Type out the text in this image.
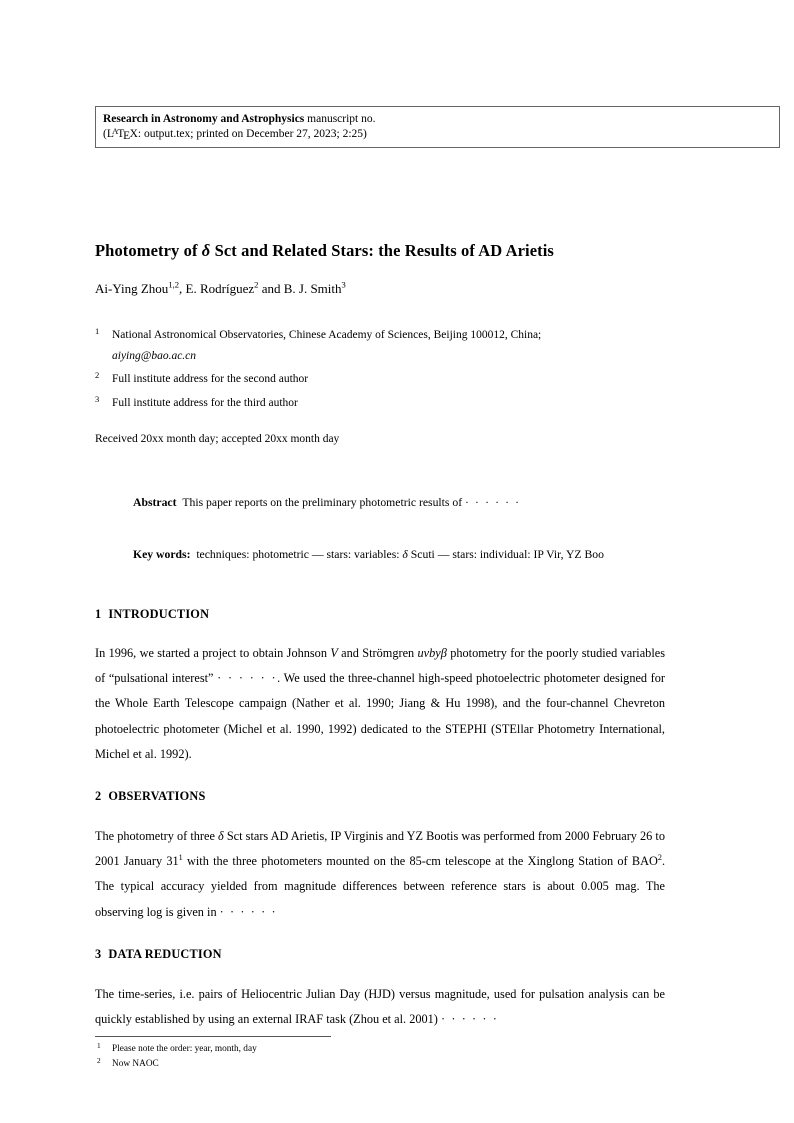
Research in Astronomy and Astrophysics manuscript no.
($L^ATEX$: output.tex; printed on December 27, 2023; 2:25)
Photometry of δ Sct and Related Stars: the Results of AD Arietis
Ai-Ying Zhou$^{1,2}$, E. Rodríguez$^2$ and B. J. Smith$^3$
1 National Astronomical Observatories, Chinese Academy of Sciences, Beijing 100012, China;
aiying@bao.ac.cn
2 Full institute address for the second author
3 Full institute address for the third author
Received 20xx month day; accepted 20xx month day
Abstract This paper reports on the preliminary photometric results of · · · · · ·
Key words: techniques: photometric — stars: variables: δ Scuti — stars: individual: IP Vir, YZ Boo
1 INTRODUCTION
In 1996, we started a project to obtain Johnson V and Strömgren uvbyβ photometry for the poorly studied variables of “pulsational interest” · · · · · ·. We used the three-channel high-speed photoelectric photometer designed for the Whole Earth Telescope campaign (Nather et al. 1990; Jiang & Hu 1998), and the four-channel Chevreton photoelectric photometer (Michel et al. 1990, 1992) dedicated to the STEPHI (STEllar Photometry International, Michel et al. 1992).
2 OBSERVATIONS
The photometry of three δ Sct stars AD Arietis, IP Virginis and YZ Bootis was performed from 2000 February 26 to 2001 January 31$^1$ with the three photometers mounted on the 85-cm telescope at the Xinglong Station of BAO$^2$. The typical accuracy yielded from magnitude differences between reference stars is about 0.005 mag. The observing log is given in · · · · · ·
3 DATA REDUCTION
The time-series, i.e. pairs of Heliocentric Julian Day (HJD) versus magnitude, used for pulsation analysis can be quickly established by using an external IRAF task (Zhou et al. 2001) · · · · · ·
1 Please note the order: year, month, day
2 Now NAOC
